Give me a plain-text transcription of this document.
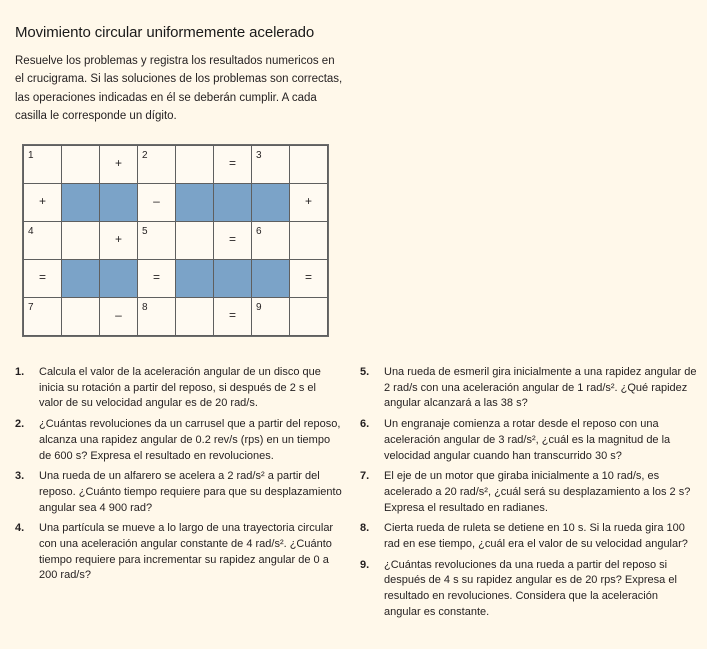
Movimiento circular uniformemente acelerado

Resuelve los problemas y registra los resultados numericos en el crucigrama. Si las soluciones de los problemas son correctas, las operaciones indicadas en él se deberán cumplir. A cada casilla le corresponde un dígito.

1		+	2		=	3	

+			–				+

4		+	5		=	6	

=			=				=

7		–	8		=	9	

1. Calcula el valor de la aceleración angular de un disco que inicia su rotación a partir del reposo, si después de 2 s el valor de su velocidad angular es de 20 rad/s.
2. ¿Cuántas revoluciones da un carrusel que a partir del reposo, alcanza una rapidez angular de 0.2 rev/s (rps) en un tiempo de 600 s? Expresa el resultado en revoluciones.
3. Una rueda de un alfarero se acelera a 2 rad/s² a partir del reposo. ¿Cuánto tiempo requiere para que su desplazamiento angular sea 4 900 rad?
4. Una partícula se mueve a lo largo de una trayectoria circular con una aceleración angular constante de 4 rad/s². ¿Cuánto tiempo requiere para incrementar su rapidez angular de 0 a 200 rad/s?
5. Una rueda de esmeril gira inicialmente a una rapidez angular de 2 rad/s con una aceleración angular de 1 rad/s². ¿Qué rapidez angular alcanzará a las 38 s?
6. Un engranaje comienza a rotar desde el reposo con una aceleración angular de 3 rad/s², ¿cuál es la magnitud de la velocidad angular cuando han transcurrido 30 s?
7. El eje de un motor que giraba inicialmente a 10 rad/s, es acelerado a 20 rad/s², ¿cuál será su desplazamiento a los 2 s? Expresa el resultado en radianes.
8. Cierta rueda de ruleta se detiene en 10 s. Si la rueda gira 100 rad en ese tiempo, ¿cuál era el valor de su velocidad angular?
9. ¿Cuántas revoluciones da una rueda a partir del reposo si después de 4 s su rapidez angular es de 20 rps? Expresa el resultado en revoluciones. Considera que la aceleración angular es constante.
